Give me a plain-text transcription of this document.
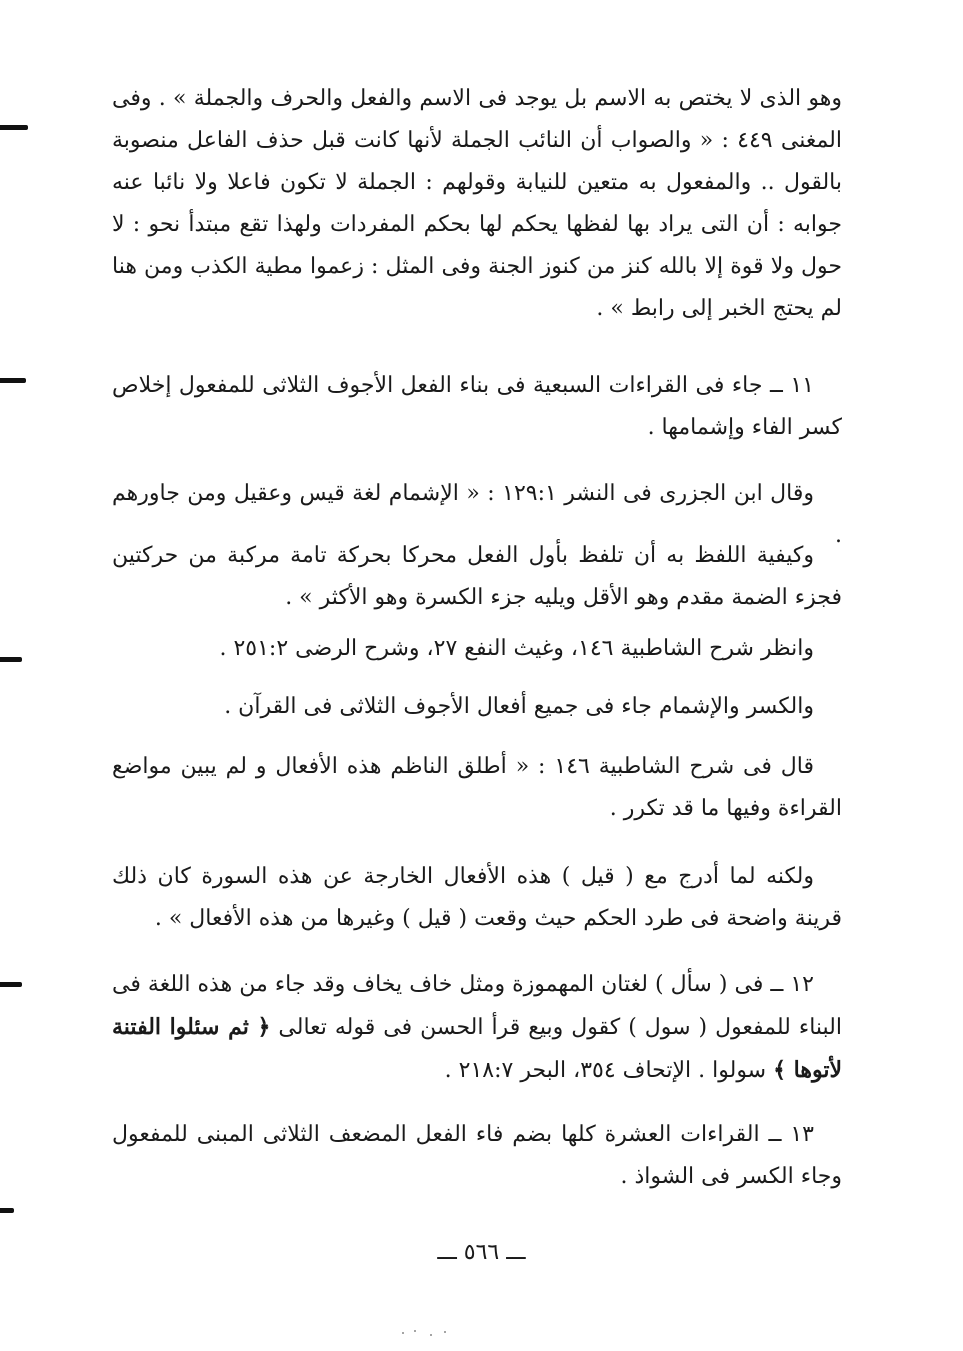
وهو الذى لا يختص به الاسم بل يوجد فى الاسم والفعل والحرف والجملة » . وفى المغنى ٤٤٩ : « والصواب أن النائب الجملة لأنها كانت قبل حذف الفاعل منصوبة بالقول .. والمفعول به متعين للنيابة وقولهم : الجملة لا تكون فاعلا ولا نائبا عنه جوابه : أن التى يراد بها لفظها يحكم لها بحكم المفردات ولهذا تقع مبتدأ نحو : لا حول ولا قوة إلا بالله كنز من كنوز الجنة وفى المثل : زعموا مطية الكذب ومن هنا لم يحتج الخبر إلى رابط » .

١١ ــ جاء فى القراءات السبعية فى بناء الفعل الأجوف الثلاثى للمفعول إخلاص كسر الفاء وإشمامها .

وقال ابن الجزرى فى النشر ١٢٩:١ : « الإشمام لغة قيس وعقيل ومن جاورهم .

وكيفية اللفظ به أن تلفظ بأول الفعل محركا بحركة تامة مركبة من حركتين فجزء الضمة مقدم وهو الأقل ويليه جزء الكسرة وهو الأكثر » .

وانظر شرح الشاطبية ١٤٦، وغيث النفع ٢٧، وشرح الرضى ٢٥١:٢ .

والكسر والإشمام جاء فى جميع أفعال الأجوف الثلاثى فى القرآن .

قال فى شرح الشاطبية ١٤٦ : « أطلق الناظم هذه الأفعال و لم يبين مواضع القراءة وفيها ما قد تكرر .

ولكنه لما أدرج مع ( قيل ) هذه الأفعال الخارجة عن هذه السورة كان ذلك قرينة واضحة فى طرد الحكم حيث وقعت ( قيل ) وغيرها من هذه الأفعال » .

١٢ ــ فى ( سأل ) لغتان المهموزة ومثل خاف يخاف وقد جاء من هذه اللغة فى البناء للمفعول ( سول ) كقول وبيع قرأ الحسن فى قوله تعالى ﴿ ثم سئلوا الفتنة لأتوها ﴾ سولوا . الإتحاف ٣٥٤، البحر ٢١٨:٧ .

١٣ ــ القراءات العشرة كلها بضم فاء الفعل المضعف الثلاثى المبنى للمفعول وجاء الكسر فى الشواذ .

ـــ ٥٦٦ ـــ
